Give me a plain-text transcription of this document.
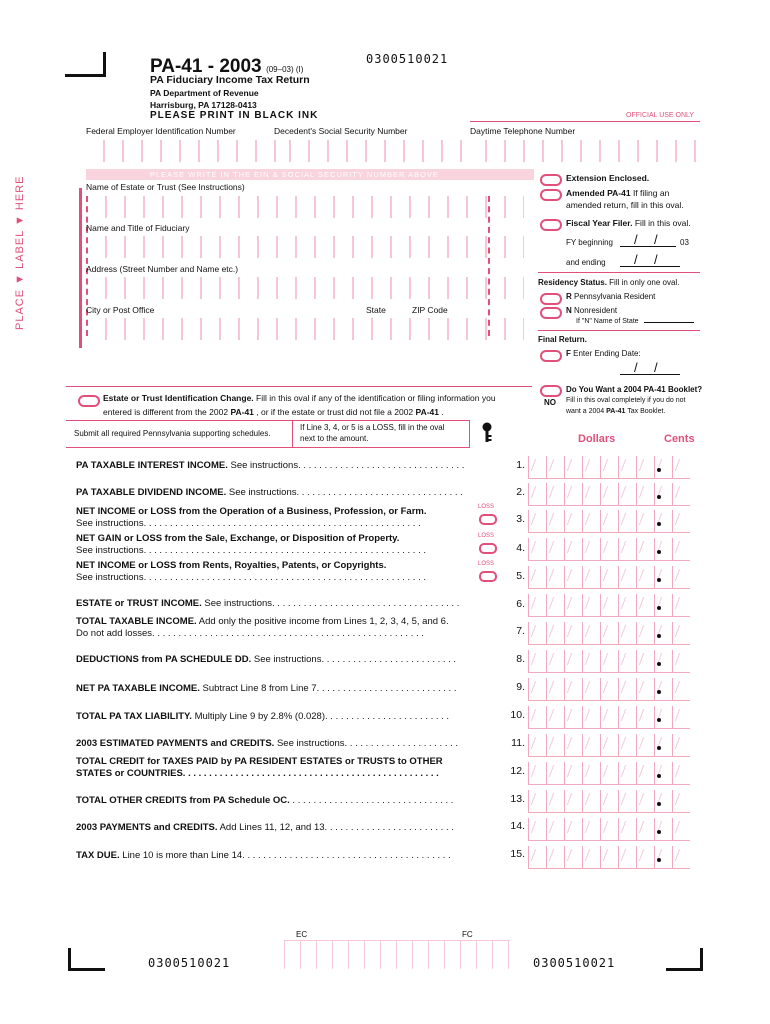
0300510021
PA-41 - 2003 (09–03) (I)
PA Fiduciary Income Tax Return
PA Department of Revenue
Harrisburg, PA 17128-0413
PLEASE PRINT IN BLACK INK	OFFICIAL USE ONLY
Federal Employer Identification Number	Decedent's Social Security Number	Daytime Telephone Number
PLEASE WRITE IN THE EIN & SOCIAL SECURITY NUMBER ABOVE
PLACE ▼ LABEL ▼ HERE	Name of Estate or Trust (See Instructions)
Name and Title of Fiduciary
Address (Street Number and Name etc.)
City or Post Office	State	ZIP Code
Extension Enclosed.
Amended PA-41 If filing an
amended return, fill in this oval.
Fiscal Year Filer. Fill in this oval.
FY beginning / /	03
and ending / /
Residency Status. Fill in only one oval.
R Pennsylvania Resident
N Nonresident
If "N" Name of State
Final Return.
F Enter Ending Date:
/ /
Do You Want a 2004 PA-41 Booklet?
NO Fill in this oval completely if you do not
want a 2004 PA-41 Tax Booklet.
Estate or Trust Identification Change. Fill in this oval if any of the identification or filing information you
entered is different from the 2002 PA-41 , or if the estate or trust did not file a 2002 PA-41 .
Submit all required Pennsylvania supporting schedules.
If Line 3, 4, or 5 is a LOSS, fill in the oval
next to the amount.	Dollars	Cents
PA TAXABLE INTEREST INCOME. See instructions. . . . . . . . . . . . . . . . . . . . . . . . . . . . . . . .	1.
PA TAXABLE DIVIDEND INCOME. See instructions. . . . . . . . . . . . . . . . . . . . . . . . . . . . . . . .	2.
NET INCOME or LOSS from the Operation of a Business, Profession, or Farm.
See instructions. . . . . . . . . . . . . . . . . . . . . . . . . . . . . . . . . . . . . . . . . . . . . . . . . . . . .	3.
LOSS
NET GAIN or LOSS from the Sale, Exchange, or Disposition of Property.
See instructions. . . . . . . . . . . . . . . . . . . . . . . . . . . . . . . . . . . . . . . . . . . . . . . . . . . . . .	4.
LOSS
NET INCOME or LOSS from Rents, Royalties, Patents, or Copyrights.
See instructions. . . . . . . . . . . . . . . . . . . . . . . . . . . . . . . . . . . . . . . . . . . . . . . . . . . . . .	5.
LOSS
ESTATE or TRUST INCOME. See instructions. . . . . . . . . . . . . . . . . . . . . . . . . . . . . . . . . . . .	6.
TOTAL TAXABLE INCOME. Add only the positive income from Lines 1, 2, 3, 4, 5, and 6.
Do not add losses. . . . . . . . . . . . . . . . . . . . . . . . . . . . . . . . . . . . . . . . . . . . . . . . . . . .	7.
DEDUCTIONS from PA SCHEDULE DD. See instructions. . . . . . . . . . . . . . . . . . . . . . . . . .	8.
NET PA TAXABLE INCOME. Subtract Line 8 from Line 7. . . . . . . . . . . . . . . . . . . . . . . . . . .	9.
TOTAL PA TAX LIABILITY. Multiply Line 9 by 2.8% (0.028). . . . . . . . . . . . . . . . . . . . . . . .	10.
2003 ESTIMATED PAYMENTS and CREDITS. See instructions. . . . . . . . . . . . . . . . . . . . . .	11.
TOTAL CREDIT for TAXES PAID by PA RESIDENT ESTATES or TRUSTS to OTHER
STATES or COUNTRIES. . . . . . . . . . . . . . . . . . . . . . . . . . . . . . . . . . . . . . . . . . . . . . . . .	12.
TOTAL OTHER CREDITS from PA Schedule OC. . . . . . . . . . . . . . . . . . . . . . . . . . . . . . . .	13.
2003 PAYMENTS and CREDITS. Add Lines 11, 12, and 13. . . . . . . . . . . . . . . . . . . . . . . . .	14.
TAX DUE. Line 10 is more than Line 14. . . . . . . . . . . . . . . . . . . . . . . . . . . . . . . . . . . . . . . .	15.
EC	FC
0300510021	0300510021
